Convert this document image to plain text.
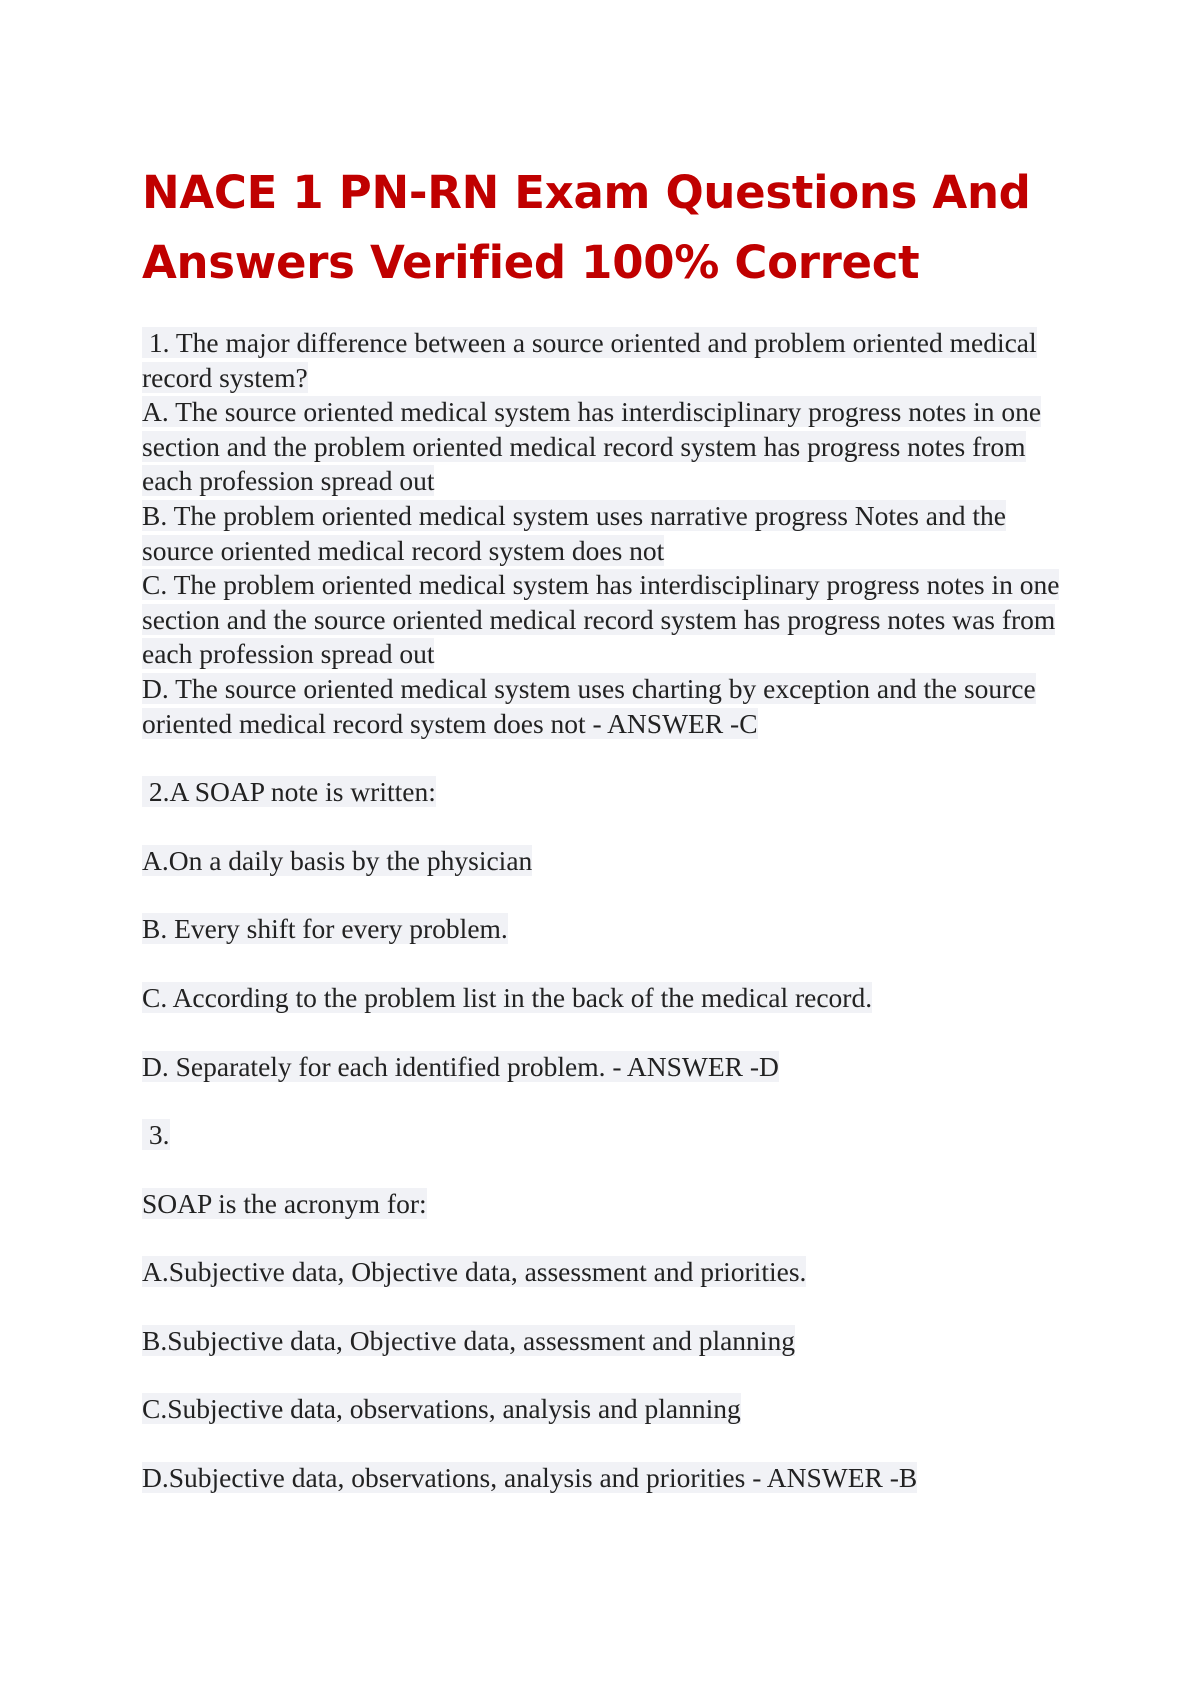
NACE 1 PN-RN Exam Questions And
Answers Verified 100% Correct
1. The major difference between a source oriented and problem oriented medical
record system?
A. The source oriented medical system has interdisciplinary progress notes in one
section and the problem oriented medical record system has progress notes from
each profession spread out
B. The problem oriented medical system uses narrative progress Notes and the
source oriented medical record system does not
C. The problem oriented medical system has interdisciplinary progress notes in one
section and the source oriented medical record system has progress notes was from
each profession spread out
D. The source oriented medical system uses charting by exception and the source
oriented medical record system does not - ANSWER -C
2.A SOAP note is written:
A.On a daily basis by the physician
B. Every shift for every problem.
C. According to the problem list in the back of the medical record.
D. Separately for each identified problem. - ANSWER -D
3.
SOAP is the acronym for:
A.Subjective data, Objective data, assessment and priorities.
B.Subjective data, Objective data, assessment and planning
C.Subjective data, observations, analysis and planning
D.Subjective data, observations, analysis and priorities - ANSWER -B
